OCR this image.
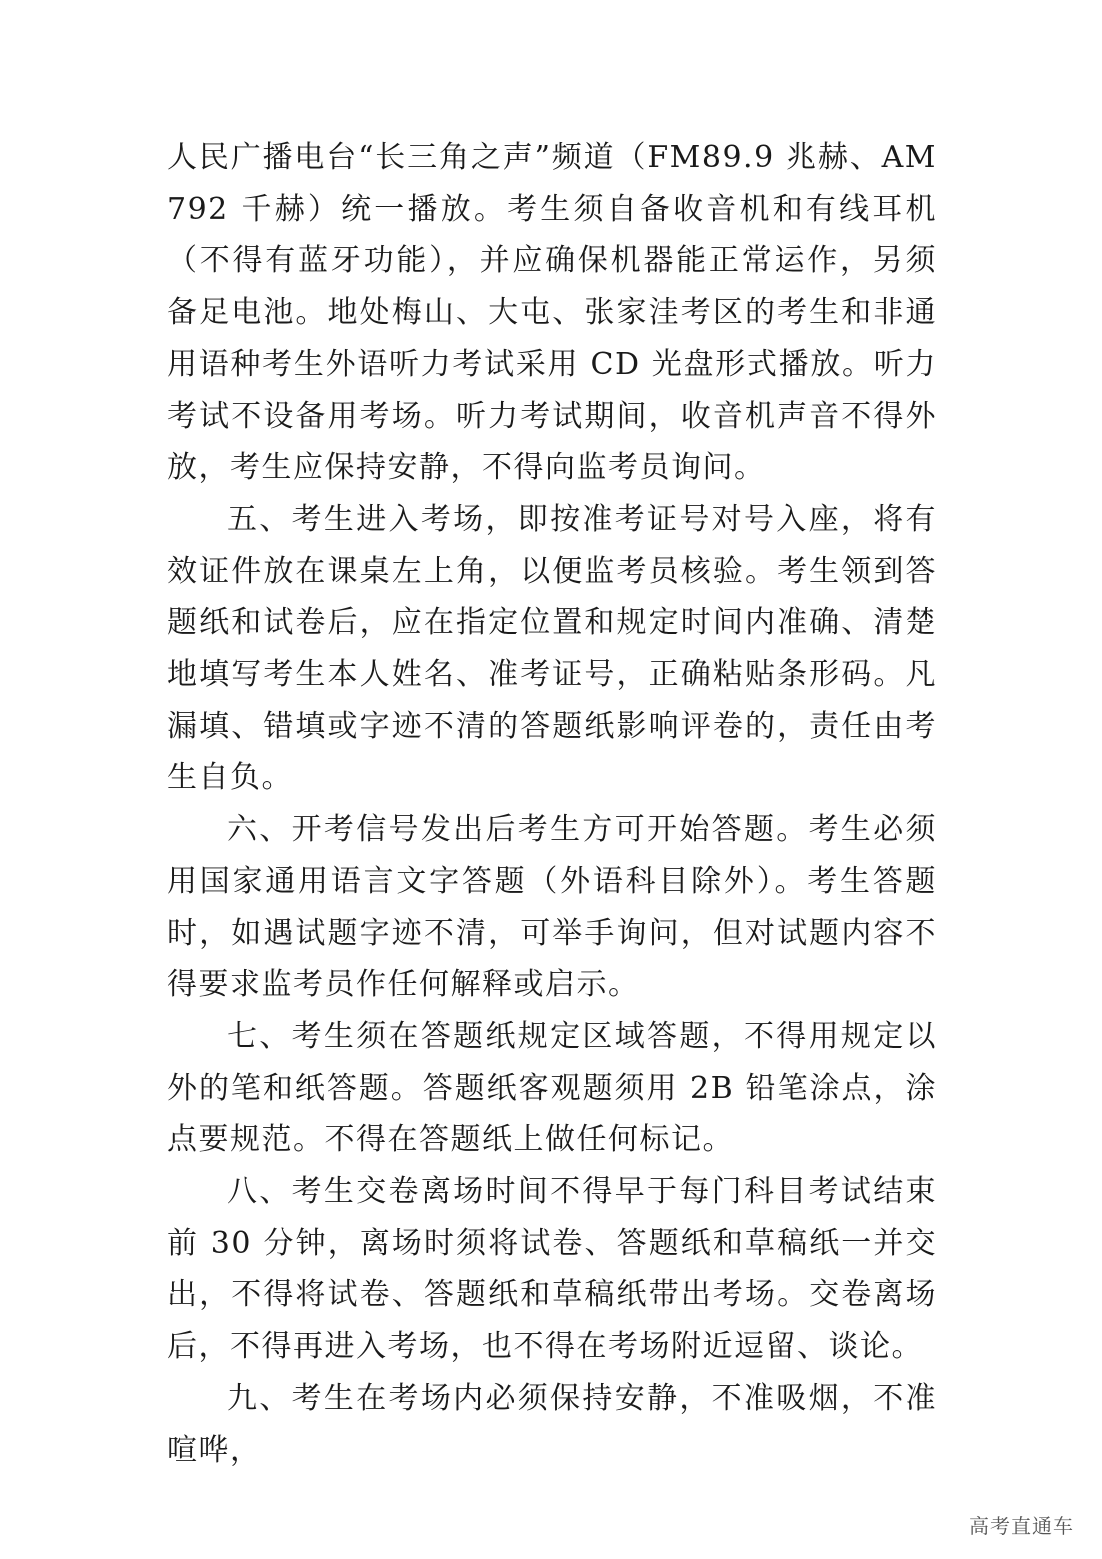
人民广播电台“长三角之声”频道（FM89.9 兆赫、AM792 千赫）统一播放。考生须自备收音机和有线耳机（不得有蓝牙功能），并应确保机器能正常运作，另须备足电池。地处梅山、大屯、张家洼考区的考生和非通用语种考生外语听力考试采用 CD 光盘形式播放。听力考试不设备用考场。听力考试期间，收音机声音不得外放，考生应保持安静，不得向监考员询问。

五、考生进入考场，即按准考证号对号入座，将有效证件放在课桌左上角，以便监考员核验。考生领到答题纸和试卷后，应在指定位置和规定时间内准确、清楚地填写考生本人姓名、准考证号，正确粘贴条形码。凡漏填、错填或字迹不清的答题纸影响评卷的，责任由考生自负。

六、开考信号发出后考生方可开始答题。考生必须用国家通用语言文字答题（外语科目除外）。考生答题时，如遇试题字迹不清，可举手询问，但对试题内容不得要求监考员作任何解释或启示。

七、考生须在答题纸规定区域答题，不得用规定以外的笔和纸答题。答题纸客观题须用 2B 铅笔涂点，涂点要规范。不得在答题纸上做任何标记。

八、考生交卷离场时间不得早于每门科目考试结束前 30 分钟，离场时须将试卷、答题纸和草稿纸一并交出，不得将试卷、答题纸和草稿纸带出考场。交卷离场后，不得再进入考场，也不得在考场附近逗留、谈论。

九、考生在考场内必须保持安静，不准吸烟，不准喧哗，

高考直通车
